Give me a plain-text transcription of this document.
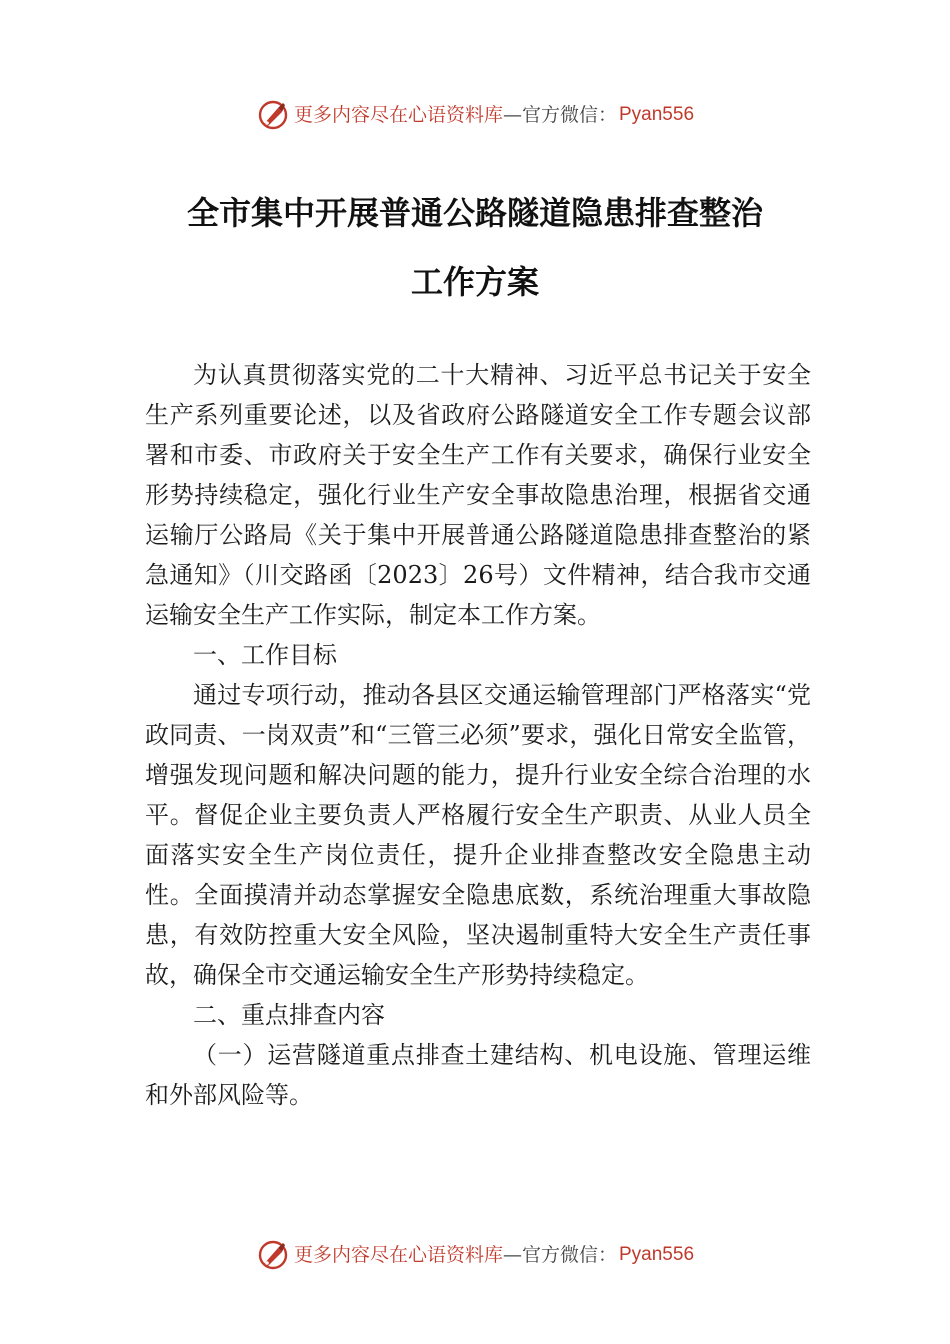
更多内容尽在心语资料库 —官方微信： Pyan556
全市集中开展普通公路隧道隐患排查整治
工作方案

为认真贯彻落实党的二十大精神、习近平总书记关于安全生产系列重要论述，以及省政府公路隧道安全工作专题会议部署和市委、市政府关于安全生产工作有关要求，确保行业安全形势持续稳定，强化行业生产安全事故隐患治理，根据省交通运输厅公路局《关于集中开展普通公路隧道隐患排查整治的紧急通知》（川交路函〔2023〕26号）文件精神，结合我市交通运输安全生产工作实际，制定本工作方案。

一、工作目标

通过专项行动，推动各县区交通运输管理部门严格落实“党政同责、一岗双责”和“三管三必须”要求，强化日常安全监管，增强发现问题和解决问题的能力，提升行业安全综合治理的水平。督促企业主要负责人严格履行安全生产职责、从业人员全面落实安全生产岗位责任，提升企业排查整改安全隐患主动性。全面摸清并动态掌握安全隐患底数，系统治理重大事故隐患，有效防控重大安全风险，坚决遏制重特大安全生产责任事故，确保全市交通运输安全生产形势持续稳定。

二、重点排查内容

（一）运营隧道重点排查土建结构、机电设施、管理运维和外部风险等。

更多内容尽在心语资料库 —官方微信： Pyan556
